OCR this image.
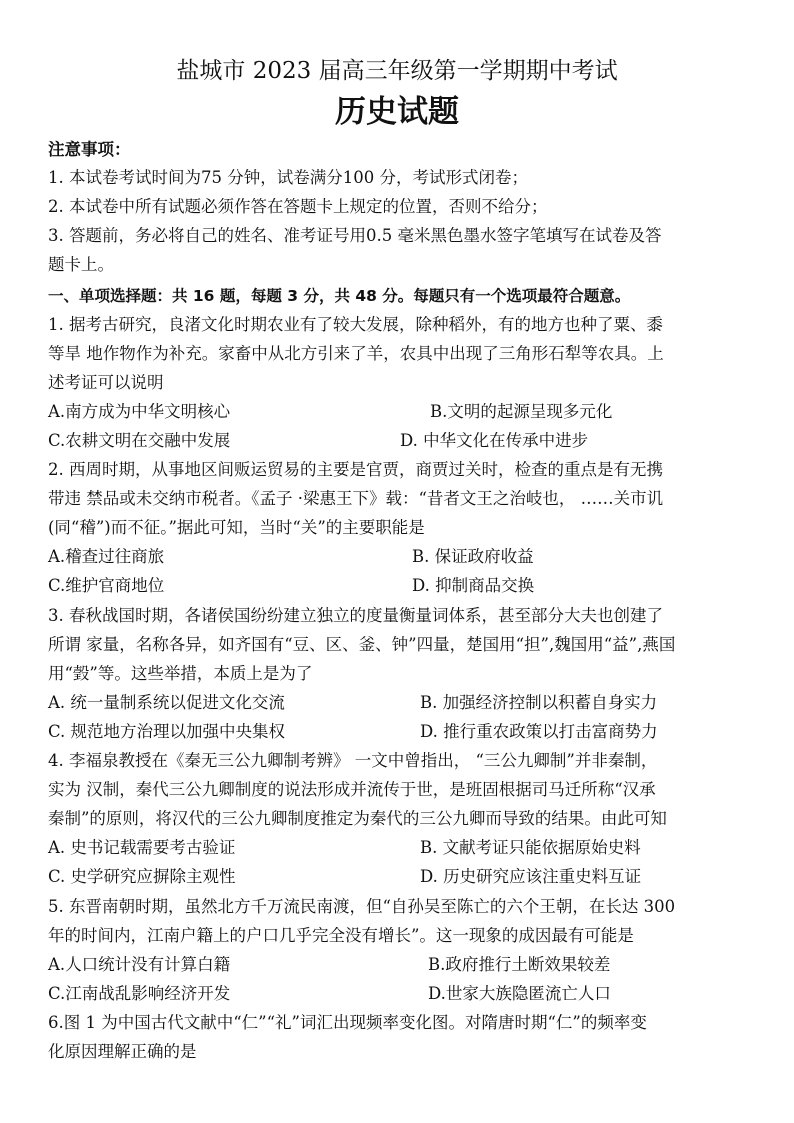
盐城市 2023 届高三年级第一学期期中考试
历史试题
注意事项：
1. 本试卷考试时间为75 分钟，试卷满分100 分，考试形式闭卷；
2. 本试卷中所有试题必须作答在答题卡上规定的位置，否则不给分；
3. 答题前，务必将自己的姓名、准考证号用0.5 毫米黑色墨水签字笔填写在试卷及答
题卡上。
一、单项选择题：共 16 题，每题 3 分，共 48 分。每题只有一个选项最符合题意。
1. 据考古研究，良渚文化时期农业有了较大发展，除种稻外，有的地方也种了粟、黍
等旱 地作物作为补充。家畜中从北方引来了羊，农具中出现了三角形石犁等农具。上
述考证可以说明
A.南方成为中华文明核心	B.文明的起源呈现多元化
C.农耕文明在交融中发展	D. 中华文化在传承中进步
2. 西周时期，从事地区间贩运贸易的主要是官贾，商贾过关时，检查的重点是有无携
带违 禁品或未交纳市税者。《孟子 ·梁惠王下》载：“昔者文王之治岐也， ……关市讥
(同“稽”)而不征。”据此可知，当时“关”的主要职能是
A.稽查过往商旅	B. 保证政府收益
C.维护官商地位	D. 抑制商品交换
3. 春秋战国时期，各诸侯国纷纷建立独立的度量衡量词体系，甚至部分大夫也创建了
所谓 家量，名称各异，如齐国有“豆、区、釜、钟”四量，楚国用“担”,魏国用“益”,燕国
用“瑴”等。这些举措，本质上是为了
A. 统一量制系统以促进文化交流	B. 加强经济控制以积蓄自身实力
C. 规范地方治理以加强中央集权	D. 推行重农政策以打击富商势力
4. 李福泉教授在《秦无三公九卿制考辨》 一文中曾指出， “三公九卿制”并非秦制，
实为 汉制，秦代三公九卿制度的说法形成并流传于世，是班固根据司马迁所称“汉承
秦制”的原则，将汉代的三公九卿制度推定为秦代的三公九卿而导致的结果。由此可知
A. 史书记载需要考古验证	B. 文献考证只能依据原始史料
C. 史学研究应摒除主观性	D. 历史研究应该注重史料互证
5. 东晋南朝时期，虽然北方千万流民南渡，但“自孙吴至陈亡的六个王朝，在长达 300
年的时间内，江南户籍上的户口几乎完全没有增长”。这一现象的成因最有可能是
A.人口统计没有计算白籍	B.政府推行土断效果较差
C.江南战乱影响经济开发	D.世家大族隐匿流亡人口
6.图 1 为中国古代文献中“仁”“礼”词汇出现频率变化图。对隋唐时期“仁”的频率变
化原因理解正确的是
